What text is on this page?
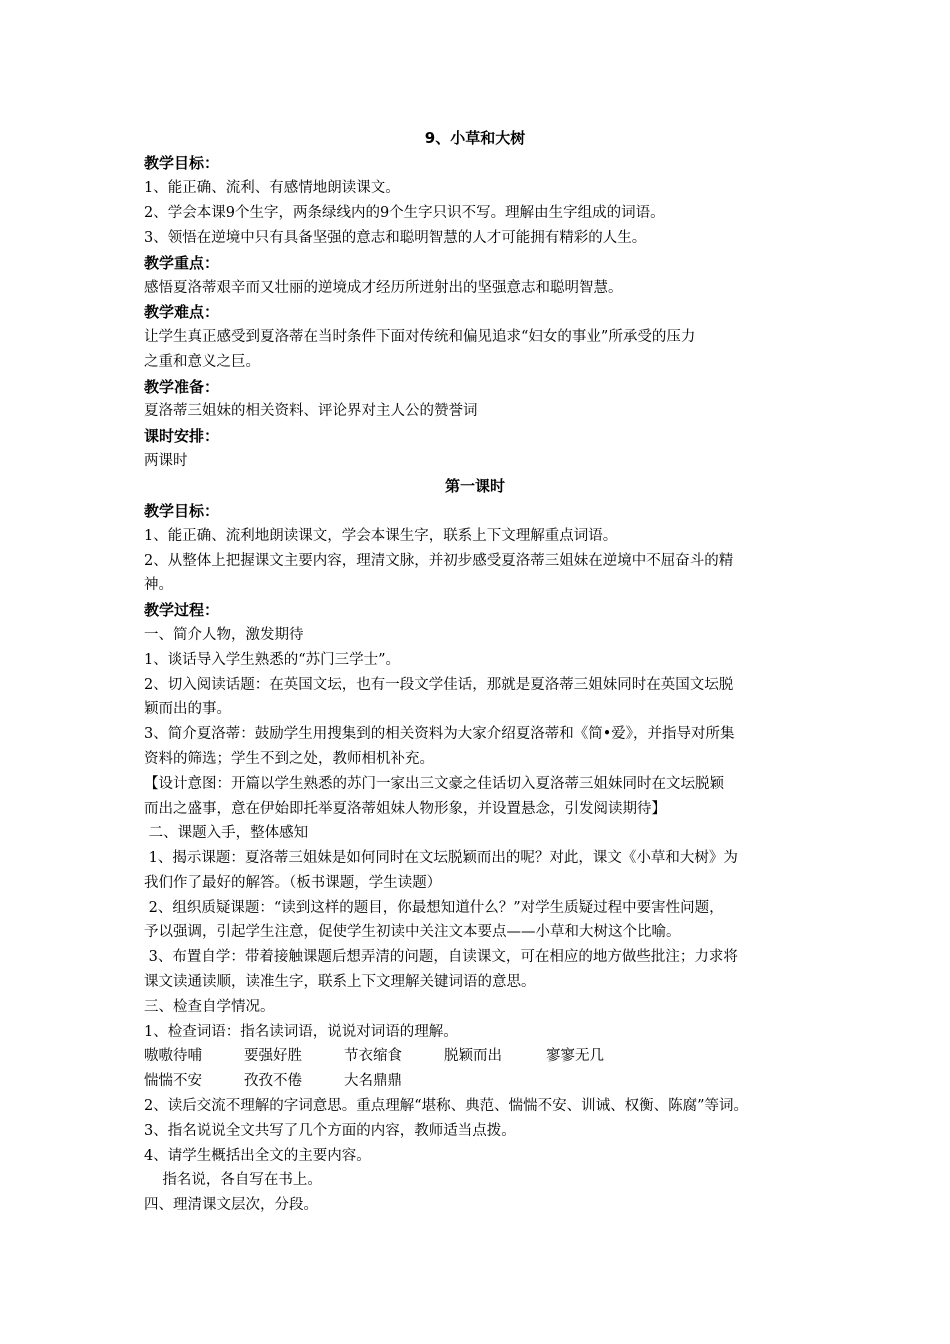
9、小草和大树
教学目标：
1、能正确、流利、有感情地朗读课文。
2、学会本课9个生字，两条绿线内的9个生字只识不写。理解由生字组成的词语。
3、领悟在逆境中只有具备坚强的意志和聪明智慧的人才可能拥有精彩的人生。
教学重点：
感悟夏洛蒂艰辛而又壮丽的逆境成才经历所迸射出的坚强意志和聪明智慧。
教学难点：
让学生真正感受到夏洛蒂在当时条件下面对传统和偏见追求“妇女的事业”所承受的压力
之重和意义之巨。
教学准备：
夏洛蒂三姐妹的相关资料、评论界对主人公的赞誉词
课时安排：
两课时
第一课时
教学目标：
1、能正确、流利地朗读课文，学会本课生字，联系上下文理解重点词语。
2、从整体上把握课文主要内容，理清文脉，并初步感受夏洛蒂三姐妹在逆境中不屈奋斗的精
神。
教学过程：
一、简介人物，激发期待
1、谈话导入学生熟悉的“苏门三学士”。
2、切入阅读话题：在英国文坛，也有一段文学佳话，那就是夏洛蒂三姐妹同时在英国文坛脱
颖而出的事。
3、简介夏洛蒂：鼓励学生用搜集到的相关资料为大家介绍夏洛蒂和《简•爱》，并指导对所集
资料的筛选；学生不到之处，教师相机补充。
【设计意图：开篇以学生熟悉的苏门一家出三文豪之佳话切入夏洛蒂三姐妹同时在文坛脱颖
而出之盛事，意在伊始即托举夏洛蒂姐妹人物形象，并设置悬念，引发阅读期待】
二、课题入手，整体感知
1、揭示课题：夏洛蒂三姐妹是如何同时在文坛脱颖而出的呢？对此，课文《小草和大树》为
我们作了最好的解答。（板书课题，学生读题）
2、组织质疑课题：“读到这样的题目，你最想知道什么？”对学生质疑过程中要害性问题，
予以强调，引起学生注意，促使学生初读中关注文本要点——小草和大树这个比喻。
3、布置自学：带着接触课题后想弄清的问题，自读课文，可在相应的地方做些批注；力求将
课文读通读顺，读准生字，联系上下文理解关键词语的意思。
三、检查自学情况。
1、检查词语：指名读词语，说说对词语的理解。
嗷嗷待哺	要强好胜	节衣缩食	脱颖而出	寥寥无几
惴惴不安	孜孜不倦	大名鼎鼎
2、读后交流不理解的字词意思。重点理解“堪称、典范、惴惴不安、训诫、权衡、陈腐”等词。
3、指名说说全文共写了几个方面的内容，教师适当点拨。
4、请学生概括出全文的主要内容。
指名说，各自写在书上。
四、理清课文层次，分段。
